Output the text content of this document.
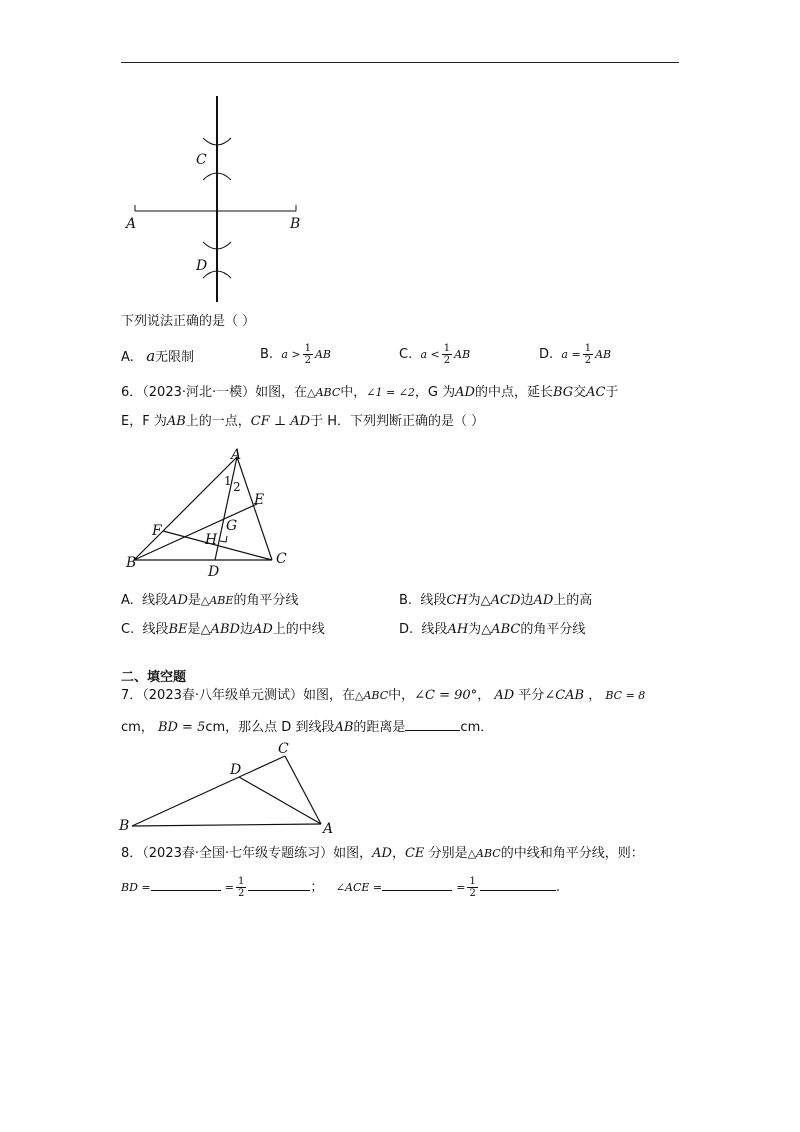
C
A	B
D
下列说法正确的是（ ）
A. a无限制	B. $a > \frac{1}{2}$ AB	C. $a < \frac{1}{2}$ AB	D. $a = \frac{1}{2}$ AB
6．（2023·河北·一模）如图，在△ABC中，∠1 = ∠2，G 为AD的中点，延长BG交AC于
E，F 为AB上的一点，CF ⊥ AD于 H．下列判断正确的是（ ）
A
1 2
E
G
F
H
B	C
D
A. 线段AD是△ABE的角平分线	B. 线段CH为△ACD边AD上的高
C. 线段BE是△ABD边AD上的中线	D. 线段AH为△ABC的角平分线
二、填空题
7．（2023春·八年级单元测试）如图，在△ABC中，∠C = 90°， AD 平分∠CAB ， BC = 8
cm， BD = 5cm，那么点 D 到线段AB的距离是	cm．
C
D
B	A
8．（2023春·全国·七年级专题练习）如图，AD，CE 分别是△ABC的中线和角平分线，则：
BD =	= $\frac{1}{2}$	； ∠ACE =	= $\frac{1}{2}$	.
